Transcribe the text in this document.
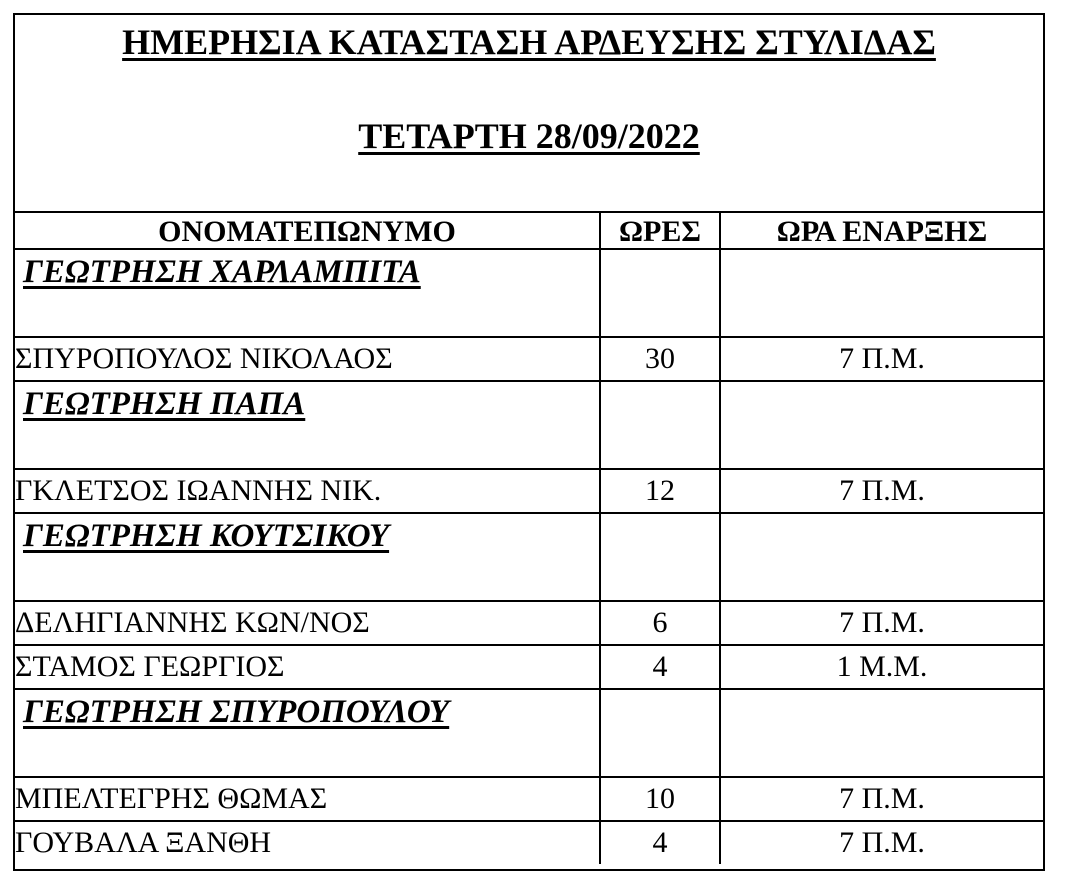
ΗΜΕΡΗΣΙΑ ΚΑΤΑΣΤΑΣΗ ΑΡΔΕΥΣΗΣ ΣΤΥΛΙΔΑΣ
ΤΕΤΑΡΤΗ 28/09/2022
ΟΝΟΜΑΤΕΠΩΝΥΜΟ	ΩΡΕΣ	ΩΡΑ ΕΝΑΡΞΗΣ

ΓΕΩΤΡΗΣΗ ΧΑΡΛΑΜΠΙΤΑ		

ΣΠΥΡΟΠΟΥΛΟΣ ΝΙΚΟΛΑΟΣ	30	7 Π.Μ.

ΓΕΩΤΡΗΣΗ ΠΑΠΑ		

ΓΚΛΕΤΣΟΣ ΙΩΑΝΝΗΣ ΝΙΚ.	12	7 Π.Μ.

ΓΕΩΤΡΗΣΗ ΚΟΥΤΣΙΚΟΥ		

ΔΕΛΗΓΙΑΝΝΗΣ ΚΩΝ/ΝΟΣ	6	7 Π.Μ.
ΣΤΑΜΟΣ ΓΕΩΡΓΙΟΣ	4	1 Μ.Μ.

ΓΕΩΤΡΗΣΗ ΣΠΥΡΟΠΟΥΛΟΥ		

ΜΠΕΛΤΕΓΡΗΣ ΘΩΜΑΣ	10	7 Π.Μ.
ΓΟΥΒΑΛΑ ΞΑΝΘΗ	4	7 Π.Μ.
